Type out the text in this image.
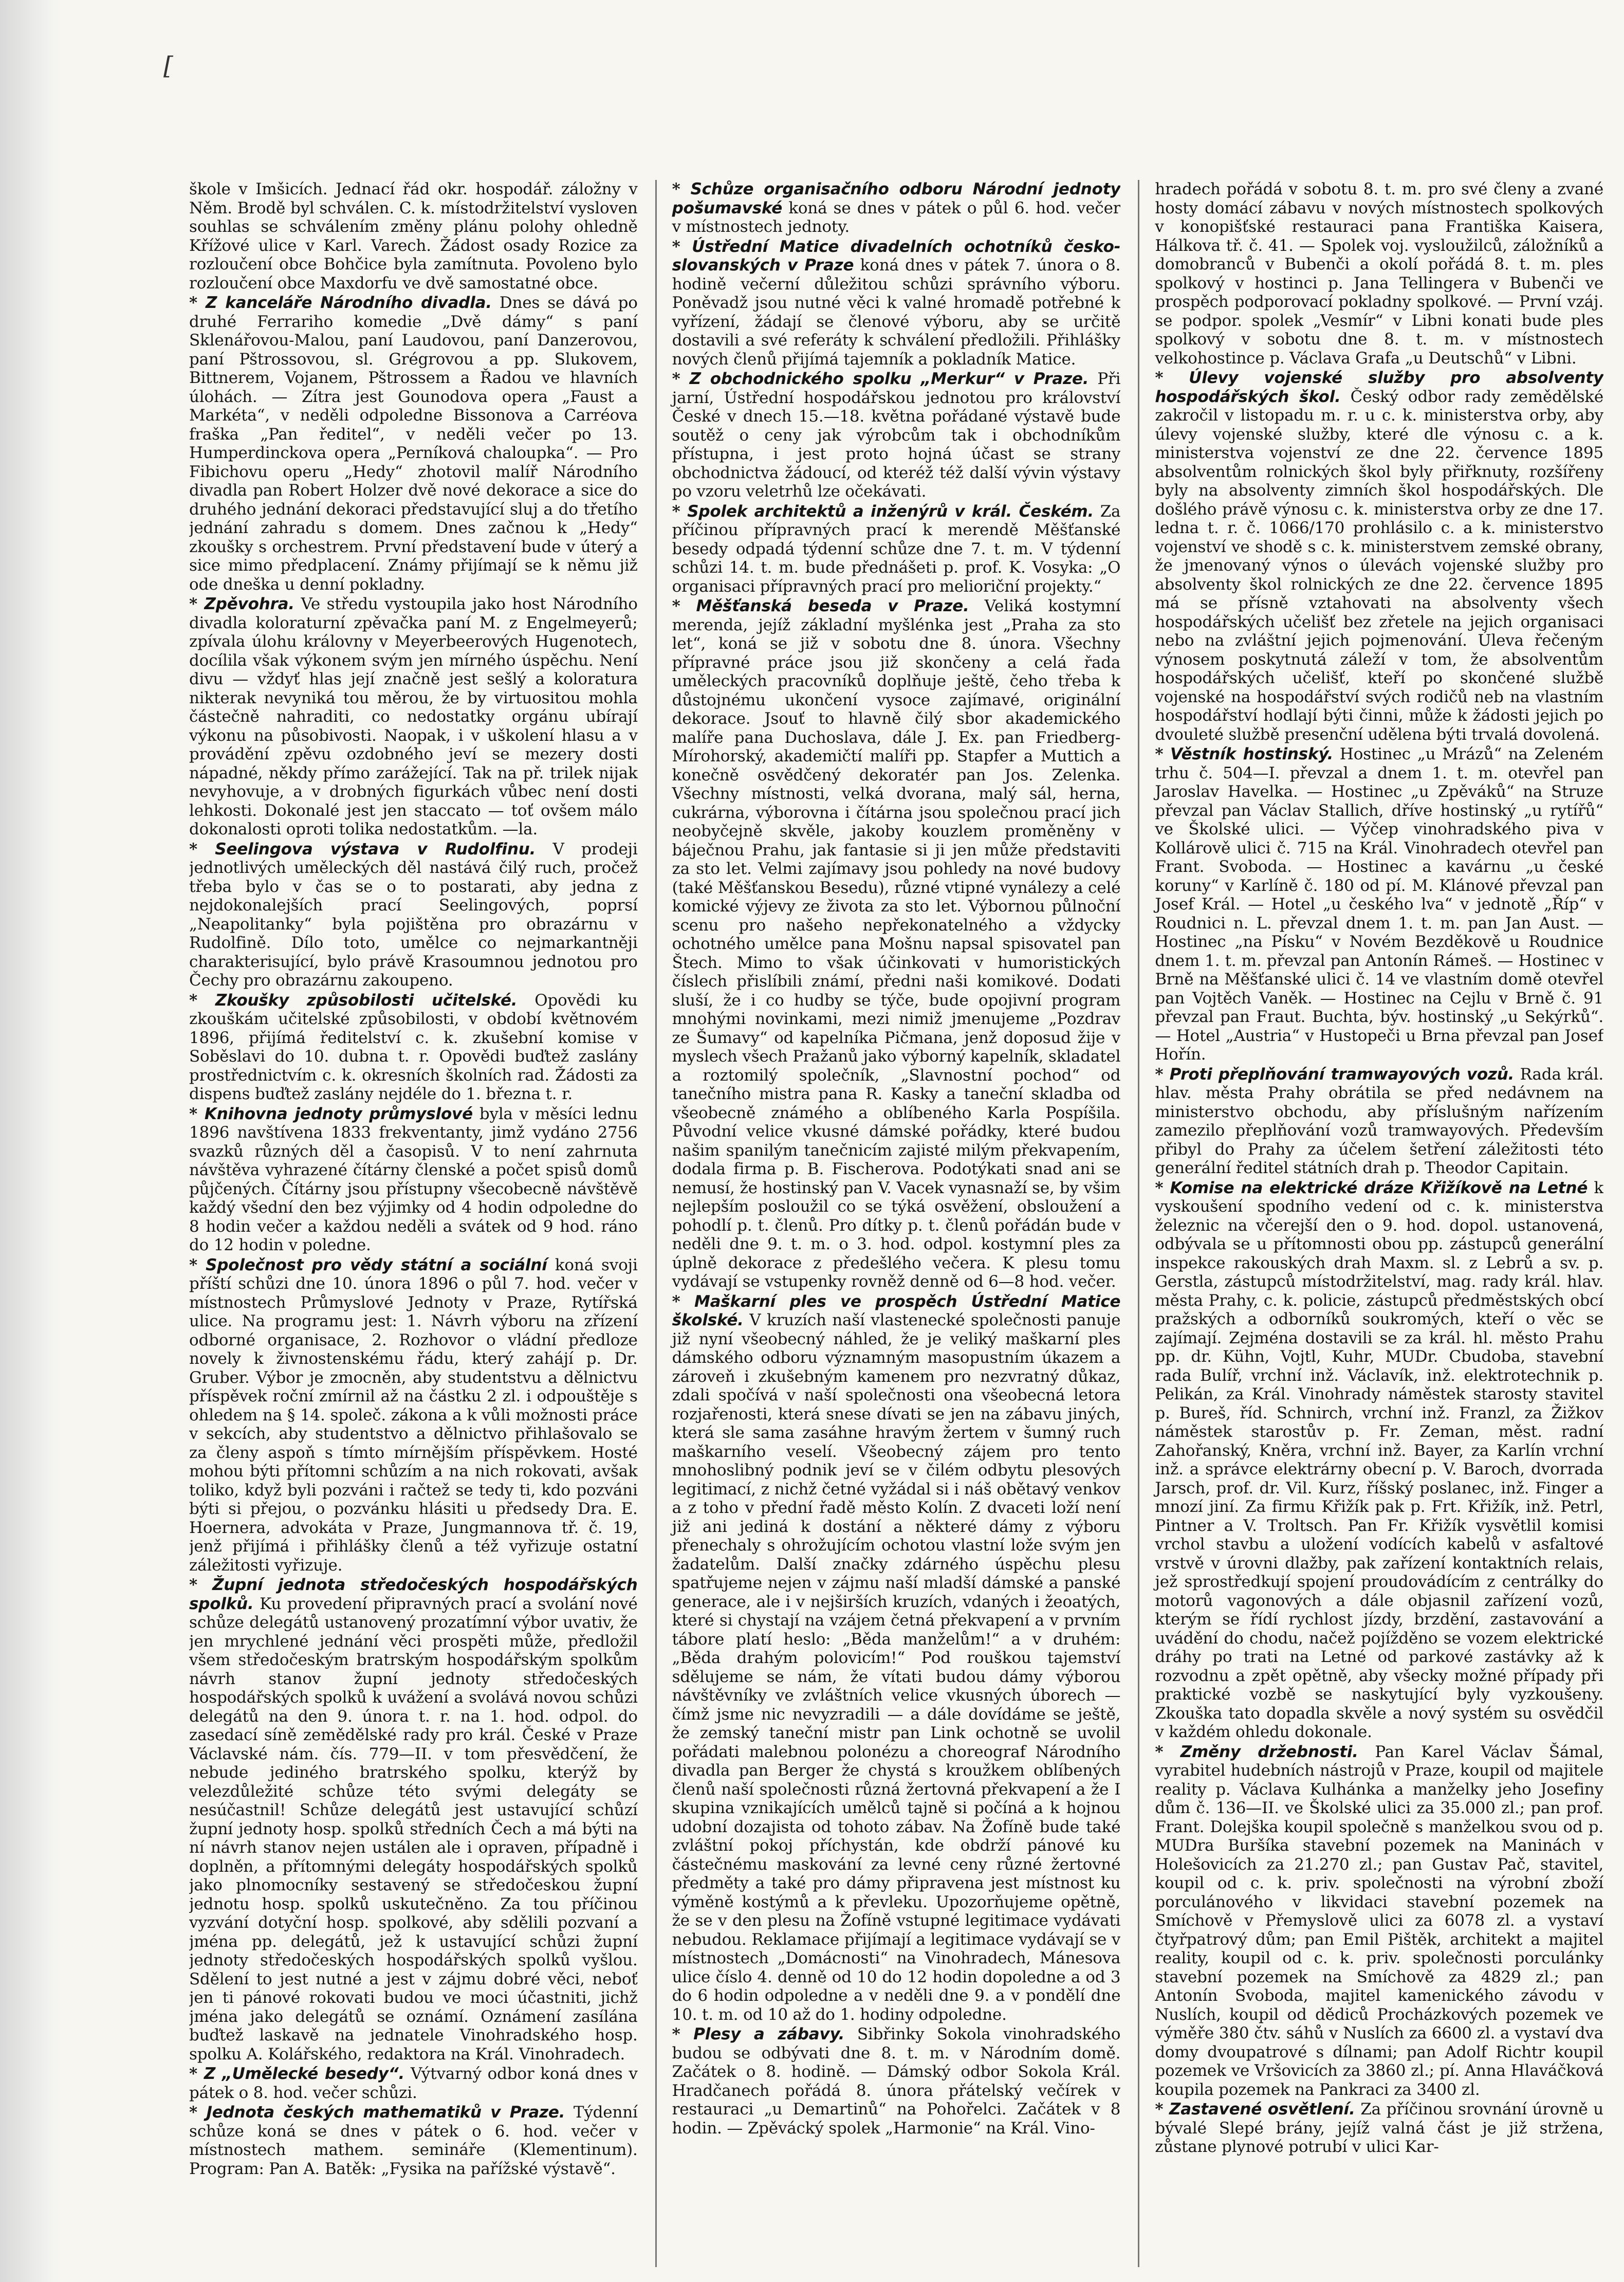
[

škole v Imšicích. Jednací řád okr. hospodář. záložny v Něm. Brodě byl schválen. C. k. místodržitelství vysloven souhlas se schválením změny plánu polohy ohledně Křížové ulice v Karl. Varech. Žádost osady Rozice za rozloučení obce Bohčice byla zamítnuta. Povoleno bylo rozloučení obce Maxdorfu ve dvě samostatné obce.

* Z kanceláře Národního divadla. Dnes se dává po druhé Ferrariho komedie „Dvě dámy“ s paní Sklenářovou-Malou, paní Laudovou, paní Danzerovou, paní Pštrossovou, sl. Grégrovou a pp. Slukovem, Bittnerem, Vojanem, Pštrossem a Řadou ve hlavních úlohách. — Zítra jest Gounodova opera „Faust a Markéta“, v neděli odpoledne Bissonova a Carréova fraška „Pan ředitel“, v neděli večer po 13. Humperdinckova opera „Perníková chaloupka“. — Pro Fibichovu operu „Hedy“ zhotovil malíř Národního divadla pan Robert Holzer dvě nové dekorace a sice do druhého jednání dekoraci představující sluj a do třetího jednání zahradu s domem. Dnes začnou k „Hedy“ zkoušky s orchestrem. První představení bude v úterý a sice mimo předplacení. Známy přijímají se k němu již ode dneška u denní pokladny.

* Zpěvohra. Ve středu vystoupila jako host Národního divadla koloraturní zpěvačka paní M. z Engelmeyerů; zpívala úlohu královny v Meyerbeerových Hugenotech, docílila však výkonem svým jen mírného úspěchu. Není divu — vždyť hlas její značně jest sešlý a koloratura nikterak nevyniká tou měrou, že by virtuositou mohla částečně nahraditi, co nedostatky orgánu ubírají výkonu na působivosti. Naopak, i v uškolení hlasu a v provádění zpěvu ozdobného jeví se mezery dosti nápadné, někdy přímo zarážející. Tak na př. trilek nijak nevyhovuje, a v drobných figurkách vůbec není dosti lehkosti. Dokonalé jest jen staccato — toť ovšem málo dokonalosti oproti tolika nedostatkům. —la.

* Seelingova výstava v Rudolfinu. V prodeji jednotlivých uměleckých děl nastává čilý ruch, pročež třeba bylo v čas se o to postarati, aby jedna z nejdokonalejších prací Seelingových, poprsí „Neapolitanky“ byla pojištěna pro obrazárnu v Rudolfině. Dílo toto, umělce co nejmarkantněji charakterisující, bylo právě Krasoumnou jednotou pro Čechy pro obrazárnu zakoupeno.

* Zkoušky způsobilosti učitelské. Opovědi ku zkouškám učitelské způsobilosti, v období květnovém 1896, přijímá ředitelství c. k. zkušební komise v Soběslavi do 10. dubna t. r. Opovědi buďtež zaslány prostřednictvím c. k. okresních školních rad. Žádosti za dispens buďtež zaslány nejdéle do 1. března t. r.

* Knihovna jednoty průmyslové byla v měsíci lednu 1896 navštívena 1833 frekventanty, jimž vydáno 2756 svazků různých děl a časopisů. V to není zahrnuta návštěva vyhrazené čítárny členské a počet spisů domů půjčených. Čítárny jsou přístupny všecobecně návštěvě každý všední den bez výjimky od 4 hodin odpoledne do 8 hodin večer a každou neděli a svátek od 9 hod. ráno do 12 hodin v poledne.

* Společnost pro vědy státní a sociální koná svoji příští schůzi dne 10. února 1896 o půl 7. hod. večer v místnostech Průmyslové Jednoty v Praze, Rytířská ulice. Na programu jest: 1. Návrh výboru na zřízení odborné organisace, 2. Rozhovor o vládní předloze novely k živnostenskému řádu, který zahájí p. Dr. Gruber. Výbor je zmocněn, aby studentstvu a dělnictvu příspěvek roční zmírnil až na částku 2 zl. i odpouštěje s ohledem na § 14. společ. zákona a k vůli možnosti práce v sekcích, aby studentstvo a dělnictvo přihlašovalo se za členy aspoň s tímto mírnějším příspěvkem. Hosté mohou býti přítomni schůzím a na nich rokovati, avšak toliko, když byli pozváni i račtež se tedy ti, kdo pozváni býti si přejou, o pozvánku hlásiti u předsedy Dra. E. Hoernera, advokáta v Praze, Jungmannova tř. č. 19, jenž přijímá i přihlášky členů a též vyřizuje ostatní záležitosti vyřizuje.

* Župní jednota středočeských hospodářských spolků. Ku provedení připravných prací a svolání nové schůze delegátů ustanovený prozatímní výbor uvativ, že jen mrychlené jednání věci prospěti může, předložil všem středočeským bratrským hospodářským spolkům návrh stanov župní jednoty středočeských hospodářských spolků k uvážení a svolává novou schůzi delegátů na den 9. února t. r. na 1. hod. odpol. do zasedací síně zemědělské rady pro král. České v Praze Václavské nám. čís. 779—II. v tom přesvědčení, že nebude jediného bratrského spolku, kterýž by velezdůležité schůze této svými delegáty se nesúčastnil! Schůze delegátů jest ustavující schůzí župní jednoty hosp. spolků středních Čech a má býti na ní návrh stanov nejen ustálen ale i opraven, případně i doplněn, a přítomnými delegáty hospodářských spolků jako plnomocníky sestavený se středočeskou župní jednotu hosp. spolků uskutečněno. Za tou příčinou vyzvání dotyční hosp. spolkové, aby sdělili pozvaní a jména pp. delegátů, jež k ustavující schůzi župní jednoty středočeských hospodářských spolků vyšlou. Sdělení to jest nutné a jest v zájmu dobré věci, neboť jen ti pánové rokovati budou ve moci účastniti, jichž jména jako delegátů se oznámí. Oznámení zasílána buďtež laskavě na jednatele Vinohradského hosp. spolku A. Kolářského, redaktora na Král. Vinohradech.

* Z „Umělecké besedy“. Výtvarný odbor koná dnes v pátek o 8. hod. večer schůzi.

* Jednota českých mathematiků v Praze. Týdenní schůze koná se dnes v pátek o 6. hod. večer v místnostech mathem. semináře (Klementinum). Program: Pan A. Batěk: „Fysika na pařížské výstavě“.

* Schůze organisačního odboru Národní jednoty pošumavské koná se dnes v pátek o půl 6. hod. večer v místnostech jednoty.

* Ústřední Matice divadelních ochotníků česko-slovanských v Praze koná dnes v pátek 7. února o 8. hodině večerní důležitou schůzi správního výboru. Poněvadž jsou nutné věci k valné hromadě potřebné k vyřízení, žádají se členové výboru, aby se určitě dostavili a své referáty k schválení předložili. Přihlášky nových členů přijímá tajemník a pokladník Matice.

* Z obchodnického spolku „Merkur“ v Praze. Při jarní, Ústřední hospodářskou jednotou pro království České v dnech 15.—18. května pořádané výstavě bude soutěž o ceny jak výrobcům tak i obchodníkům přístupna, i jest proto hojná účast se strany obchodnictva žádoucí, od kteréž též další vývin výstavy po vzoru veletrhů lze očekávati.

* Spolek architektů a inženýrů v král. Českém. Za příčinou přípravných prací k merendě Měšťanské besedy odpadá týdenní schůze dne 7. t. m. V týdenní schůzi 14. t. m. bude přednášeti p. prof. K. Vosyka: „O organisaci přípravných prací pro melioriční projekty.“

* Měšťanská beseda v Praze. Veliká kostymní merenda, jejíž základní myšlénka jest „Praha za sto let“, koná se již v sobotu dne 8. února. Všechny přípravné práce jsou již skončeny a celá řada uměleckých pracovníků doplňuje ještě, čeho třeba k důstojnému ukončení vysoce zajímavé, originální dekorace. Jsouť to hlavně čilý sbor akademického malíře pana Duchoslava, dále J. Ex. pan Friedberg-Mírohorský, akademičtí malíři pp. Stapfer a Muttich a konečně osvědčený dekoratér pan Jos. Zelenka. Všechny místnosti, velká dvorana, malý sál, herna, cukrárna, výborovna i čítárna jsou společnou prací jich neobyčejně skvěle, jakoby kouzlem proměněny v báječnou Prahu, jak fantasie si ji jen může představiti za sto let. Velmi zajímavy jsou pohledy na nové budovy (také Měšťanskou Besedu), různé vtipné vynálezy a celé komické výjevy ze života za sto let. Výbornou půlnoční scenu pro našeho nepřekonatelného a vždycky ochotného umělce pana Mošnu napsal spisovatel pan Štech. Mimo to však účinkovati v humoristických číslech přislíbili známí, předni naši komikové. Dodati sluší, že i co hudby se týče, bude opojivní program mnohými novinkami, mezi nimiž jmenujeme „Pozdrav ze Šumavy“ od kapelníka Pičmana, jenž doposud žije v myslech všech Pražanů jako výborný kapelník, skladatel a roztomilý společník, „Slavnostní pochod“ od tanečního mistra pana R. Kasky a taneční skladba od všeobecně známého a oblíbeného Karla Pospíšila. Původní velice vkusné dámské pořádky, které budou našim spanilým tanečnicím zajisté milým překvapením, dodala firma p. B. Fischerova. Podotýkati snad ani se nemusí, že hostinský pan V. Vacek vynasnaží se, by všim nejlepším posloužil co se týká osvěžení, obsloužení a pohodlí p. t. členů. Pro dítky p. t. členů pořádán bude v neděli dne 9. t. m. o 3. hod. odpol. kostymní ples za úplně dekorace z předešlého večera. K plesu tomu vydávají se vstupenky rovněž denně od 6—8 hod. večer.

* Maškarní ples ve prospěch Ústřední Matice školské. V kruzích naší vlastenecké společnosti panuje již nyní všeobecný náhled, že je veliký maškarní ples dámského odboru významným masopustním úkazem a zároveň i zkušebným kamenem pro nezvratný důkaz, zdali spočívá v naší společnosti ona všeobecná letora rozjařenosti, která snese dívati se jen na zábavu jiných, která sle sama zasáhne hravým žertem v šumný ruch maškarního veselí. Všeobecný zájem pro tento mnohoslibný podnik jeví se v čilém odbytu plesových legitimací, z nichž četné vyžádal si i náš obětavý venkov a z toho v přední řadě město Kolín. Z dvaceti loží není již ani jediná k dostání a některé dámy z výboru přenechaly s ohrožujícím ochotou vlastní lože svým jen žadatelům. Další značky zdárného úspěchu plesu spatřujeme nejen v zájmu naší mladší dámské a panské generace, ale i v nejširších kruzích, vdaných i žeoatých, které si chystají na vzájem četná překvapení a v prvním tábore platí heslo: „Běda manželům!“ a v druhém: „Běda drahým polovicím!“ Pod rouškou tajemství sdělujeme se nám, že vítati budou dámy výborou návštěvníky ve zvláštních velice vkusných úborech — čímž jsme nic nevyzradili — a dále dovídáme se ještě, že zemský taneční mistr pan Link ochotně se uvolil pořádati malebnou polonézu a choreograf Národního divadla pan Berger že chystá s kroužkem oblíbených členů naší společnosti různá žertovná překvapení a že I skupina vznikajících umělců tajně si počíná a k hojnou udobní dozajista od tohoto zábav. Na Žofíně bude také zvláštní pokoj příchystán, kde obdrží pánové ku částečnému maskování za levné ceny různé žertovné předměty a také pro dámy připravena jest místnost ku výměně kostýmů a k převleku. Upozorňujeme opětně, že se v den plesu na Žofíně vstupné legitimace vydávati nebudou. Reklamace přijímají a legitimace vydávají se v místnostech „Domácnosti“ na Vinohradech, Mánesova ulice číslo 4. denně od 10 do 12 hodin dopoledne a od 3 do 6 hodin odpoledne a v neděli dne 9. a v pondělí dne 10. t. m. od 10 až do 1. hodiny odpoledne.

* Plesy a zábavy. Sibřinky Sokola vinohradského budou se odbývati dne 8. t. m. v Národním domě. Začátek o 8. hodině. — Dámský odbor Sokola Král. Hradčanech pořádá 8. února přátelský večírek v restauraci „u Demartinů“ na Pohořelci. Začátek v 8 hodin. — Zpěvácký spolek „Harmonie“ na Král. Vino-

hradech pořádá v sobotu 8. t. m. pro své členy a zvané hosty domácí zábavu v nových místnostech spolkových v konopišťské restauraci pana Františka Kaisera, Hálkova tř. č. 41. — Spolek voj. vysloužilců, záložníků a domobranců v Bubenči a okolí pořádá 8. t. m. ples spolkový v hostinci p. Jana Tellingera v Bubenči ve prospěch podporovací pokladny spolkové. — První vzáj. se podpor. spolek „Vesmír“ v Libni konati bude ples spolkový v sobotu dne 8. t. m. v místnostech velkohostince p. Václava Grafa „u Deutschů“ v Libni.

* Úlevy vojenské služby pro absolventy hospodářských škol. Český odbor rady zemědělské zakročil v listopadu m. r. u c. k. ministerstva orby, aby úlevy vojenské služby, které dle výnosu c. a k. ministerstva vojenství ze dne 22. července 1895 absolventům rolnických škol byly přiřknuty, rozšířeny byly na absolventy zimních škol hospodářských. Dle došlého právě výnosu c. k. ministerstva orby ze dne 17. ledna t. r. č. 1066/170 prohlásilo c. a k. ministerstvo vojenství ve shodě s c. k. ministerstvem zemské obrany, že jmenovaný výnos o úlevách vojenské služby pro absolventy škol rolnických ze dne 22. července 1895 má se přísně vztahovati na absolventy všech hospodářských učelišť bez zřetele na jejich organisaci nebo na zvláštní jejich pojmenování. Úleva řečeným výnosem poskytnutá záleží v tom, že absolventům hospodářských učelišť, kteří po skončené službě vojenské na hospodářství svých rodičů neb na vlastním hospodářství hodlají býti činni, může k žádosti jejich po dvouleté službě presenční udělena býti trvalá dovolená.

* Věstník hostinský. Hostinec „u Mrázů“ na Zeleném trhu č. 504—I. převzal a dnem 1. t. m. otevřel pan Jaroslav Havelka. — Hostinec „u Zpěváků“ na Struze převzal pan Václav Stallich, dříve hostinský „u rytířů“ ve Školské ulici. — Výčep vinohradského piva v Kollárově ulici č. 715 na Král. Vinohradech otevřel pan Frant. Svoboda. — Hostinec a kavárnu „u české koruny“ v Karlíně č. 180 od pí. M. Klánové převzal pan Josef Král. — Hotel „u českého lva“ v jednotě „Říp“ v Roudnici n. L. převzal dnem 1. t. m. pan Jan Aust. — Hostinec „na Písku“ v Novém Bezděkově u Roudnice dnem 1. t. m. převzal pan Antonín Rámeš. — Hostinec v Brně na Měšťanské ulici č. 14 ve vlastním domě otevřel pan Vojtěch Vaněk. — Hostinec na Cejlu v Brně č. 91 převzal pan Fraut. Buchta, býv. hostinský „u Sekýrků“. — Hotel „Austria“ v Hustopeči u Brna převzal pan Josef Hořín.

* Proti přeplňování tramwayových vozů. Rada král. hlav. města Prahy obrátila se před nedávnem na ministerstvo obchodu, aby příslušným nařízením zamezilo přeplňování vozů tramwayových. Především přibyl do Prahy za účelem šetření záležitosti této generální ředitel státních drah p. Theodor Capitain.

* Komise na elektrické dráze Křižíkově na Letné k vyskoušení spodního vedení od c. k. ministerstva železnic na včerejší den o 9. hod. dopol. ustanovená, odbývala se u přítomnosti obou pp. zástupců generální inspekce rakouských drah Maxm. sl. z Lebrů a sv. p. Gerstla, zástupců místodržitelství, mag. rady král. hlav. města Prahy, c. k. policie, zástupců předměstských obcí pražských a odborníků soukromých, kteří o věc se zajímají. Zejména dostavili se za král. hl. město Prahu pp. dr. Kühn, Vojtl, Kuhr, MUDr. Cbudoba, stavební rada Bulíř, vrchní inž. Václavík, inž. elektrotechnik p. Pelikán, za Král. Vinohrady náměstek starosty stavitel p. Bureš, říd. Schnirch, vrchní inž. Franzl, za Žižkov náměstek starostův p. Fr. Zeman, měst. radní Zahořanský, Kněra, vrchní inž. Bayer, za Karlín vrchní inž. a správce elektrárny obecní p. V. Baroch, dvorrada Jarsch, prof. dr. Vil. Kurz, říšský poslanec, inž. Finger a mnozí jiní. Za firmu Křižík pak p. Frt. Křižík, inž. Petrl, Pintner a V. Troltsch. Pan Fr. Křižík vysvětlil komisi vrchol stavbu a uložení vodících kabelů v asfaltové vrstvě v úrovni dlažby, pak zařízení kontaktních relais, jež sprostředkují spojení proudovádícím z centrálky do motorů vagonových a dále objasnil zařízení vozů, kterým se řídí rychlost jízdy, brzdění, zastavování a uvádění do chodu, načež pojížděno se vozem elektrické dráhy po trati na Letné od parkové zastávky až k rozvodnu a zpět opětně, aby všecky možné případy při praktické vozbě se naskytující byly vyzkoušeny. Zkouška tato dopadla skvěle a nový systém su osvědčil v každém ohledu dokonale.

* Změny držebnosti. Pan Karel Václav Šámal, vyrabitel hudebních nástrojů v Praze, koupil od majitele reality p. Václava Kulhánka a manželky jeho Josefiny dům č. 136—II. ve Školské ulici za 35.000 zl.; pan prof. Frant. Dolejška koupil společně s manželkou svou od p. MUDra Buršíka stavební pozemek na Maninách v Holešovicích za 21.270 zl.; pan Gustav Pač, stavitel, koupil od c. k. priv. společnosti na výrobní zboží porculánového v likvidaci stavební pozemek na Smíchově v Přemyslově ulici za 6078 zl. a vystaví čtyřpatrový dům; pan Emil Pištěk, architekt a majitel reality, koupil od c. k. priv. společnosti porculánky stavební pozemek na Smíchově za 4829 zl.; pan Antonín Svoboda, majitel kamenického závodu v Nuslích, koupil od dědiců Procházkových pozemek ve výměře 380 čtv. sáhů v Nuslích za 6600 zl. a vystaví dva domy dvoupatrové s dílnami; pan Adolf Richtr koupil pozemek ve Vršovicích za 3860 zl.; pí. Anna Hlaváčková koupila pozemek na Pankraci za 3400 zl.

* Zastavené osvětlení. Za příčinou srovnání úrovně u bývalé Slepé brány, jejíž valná část je již stržena, zůstane plynové potrubí v ulici Kar-
